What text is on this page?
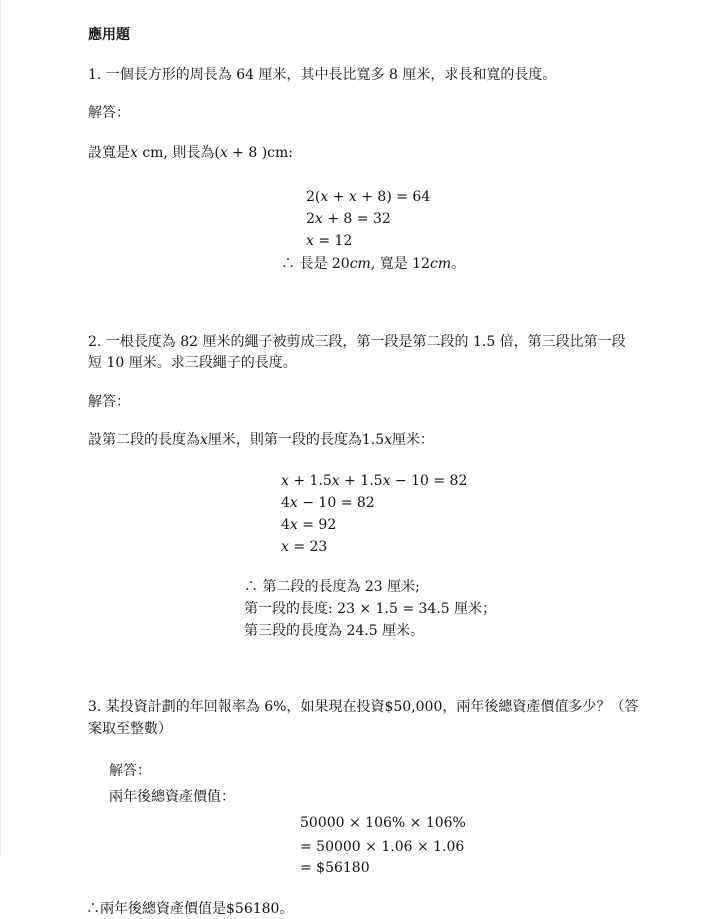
應用題
1. 一個長方形的周長為 64 厘米，其中長比寬多 8 厘米，求長和寬的長度。
解答：
設寬是𝑥 cm, 則長為(𝑥 + 8 )cm:
2(𝑥 + 𝑥 + 8) = 64
2𝑥 + 8 = 32
𝑥 = 12
∴ 長是 20𝑐𝑚, 寬是 12𝑐𝑚。
2. 一根長度為 82 厘米的繩子被剪成三段，第一段是第二段的 1.5 倍，第三段比第一段
短 10 厘米。求三段繩子的長度。
解答：
設第二段的長度為𝑥厘米，則第一段的長度為1.5𝑥厘米：
𝑥 + 1.5𝑥 + 1.5𝑥 − 10 = 82
4𝑥 − 10 = 82
4𝑥 = 92
𝑥 = 23
∴ 第二段的長度為 23 厘米;
第一段的長度: 23 × 1.5 = 34.5 厘米；
第三段的長度為 24.5 厘米。
3. 某投資計劃的年回報率為 6%，如果現在投資$50,000，兩年後總資產價值多少？（答
案取至整數）
解答：
兩年後總資產價值：
50000 × 106% × 106%
= 50000 × 1.06 × 1.06
= $56180
∴兩年後總資產價值是$56180。
